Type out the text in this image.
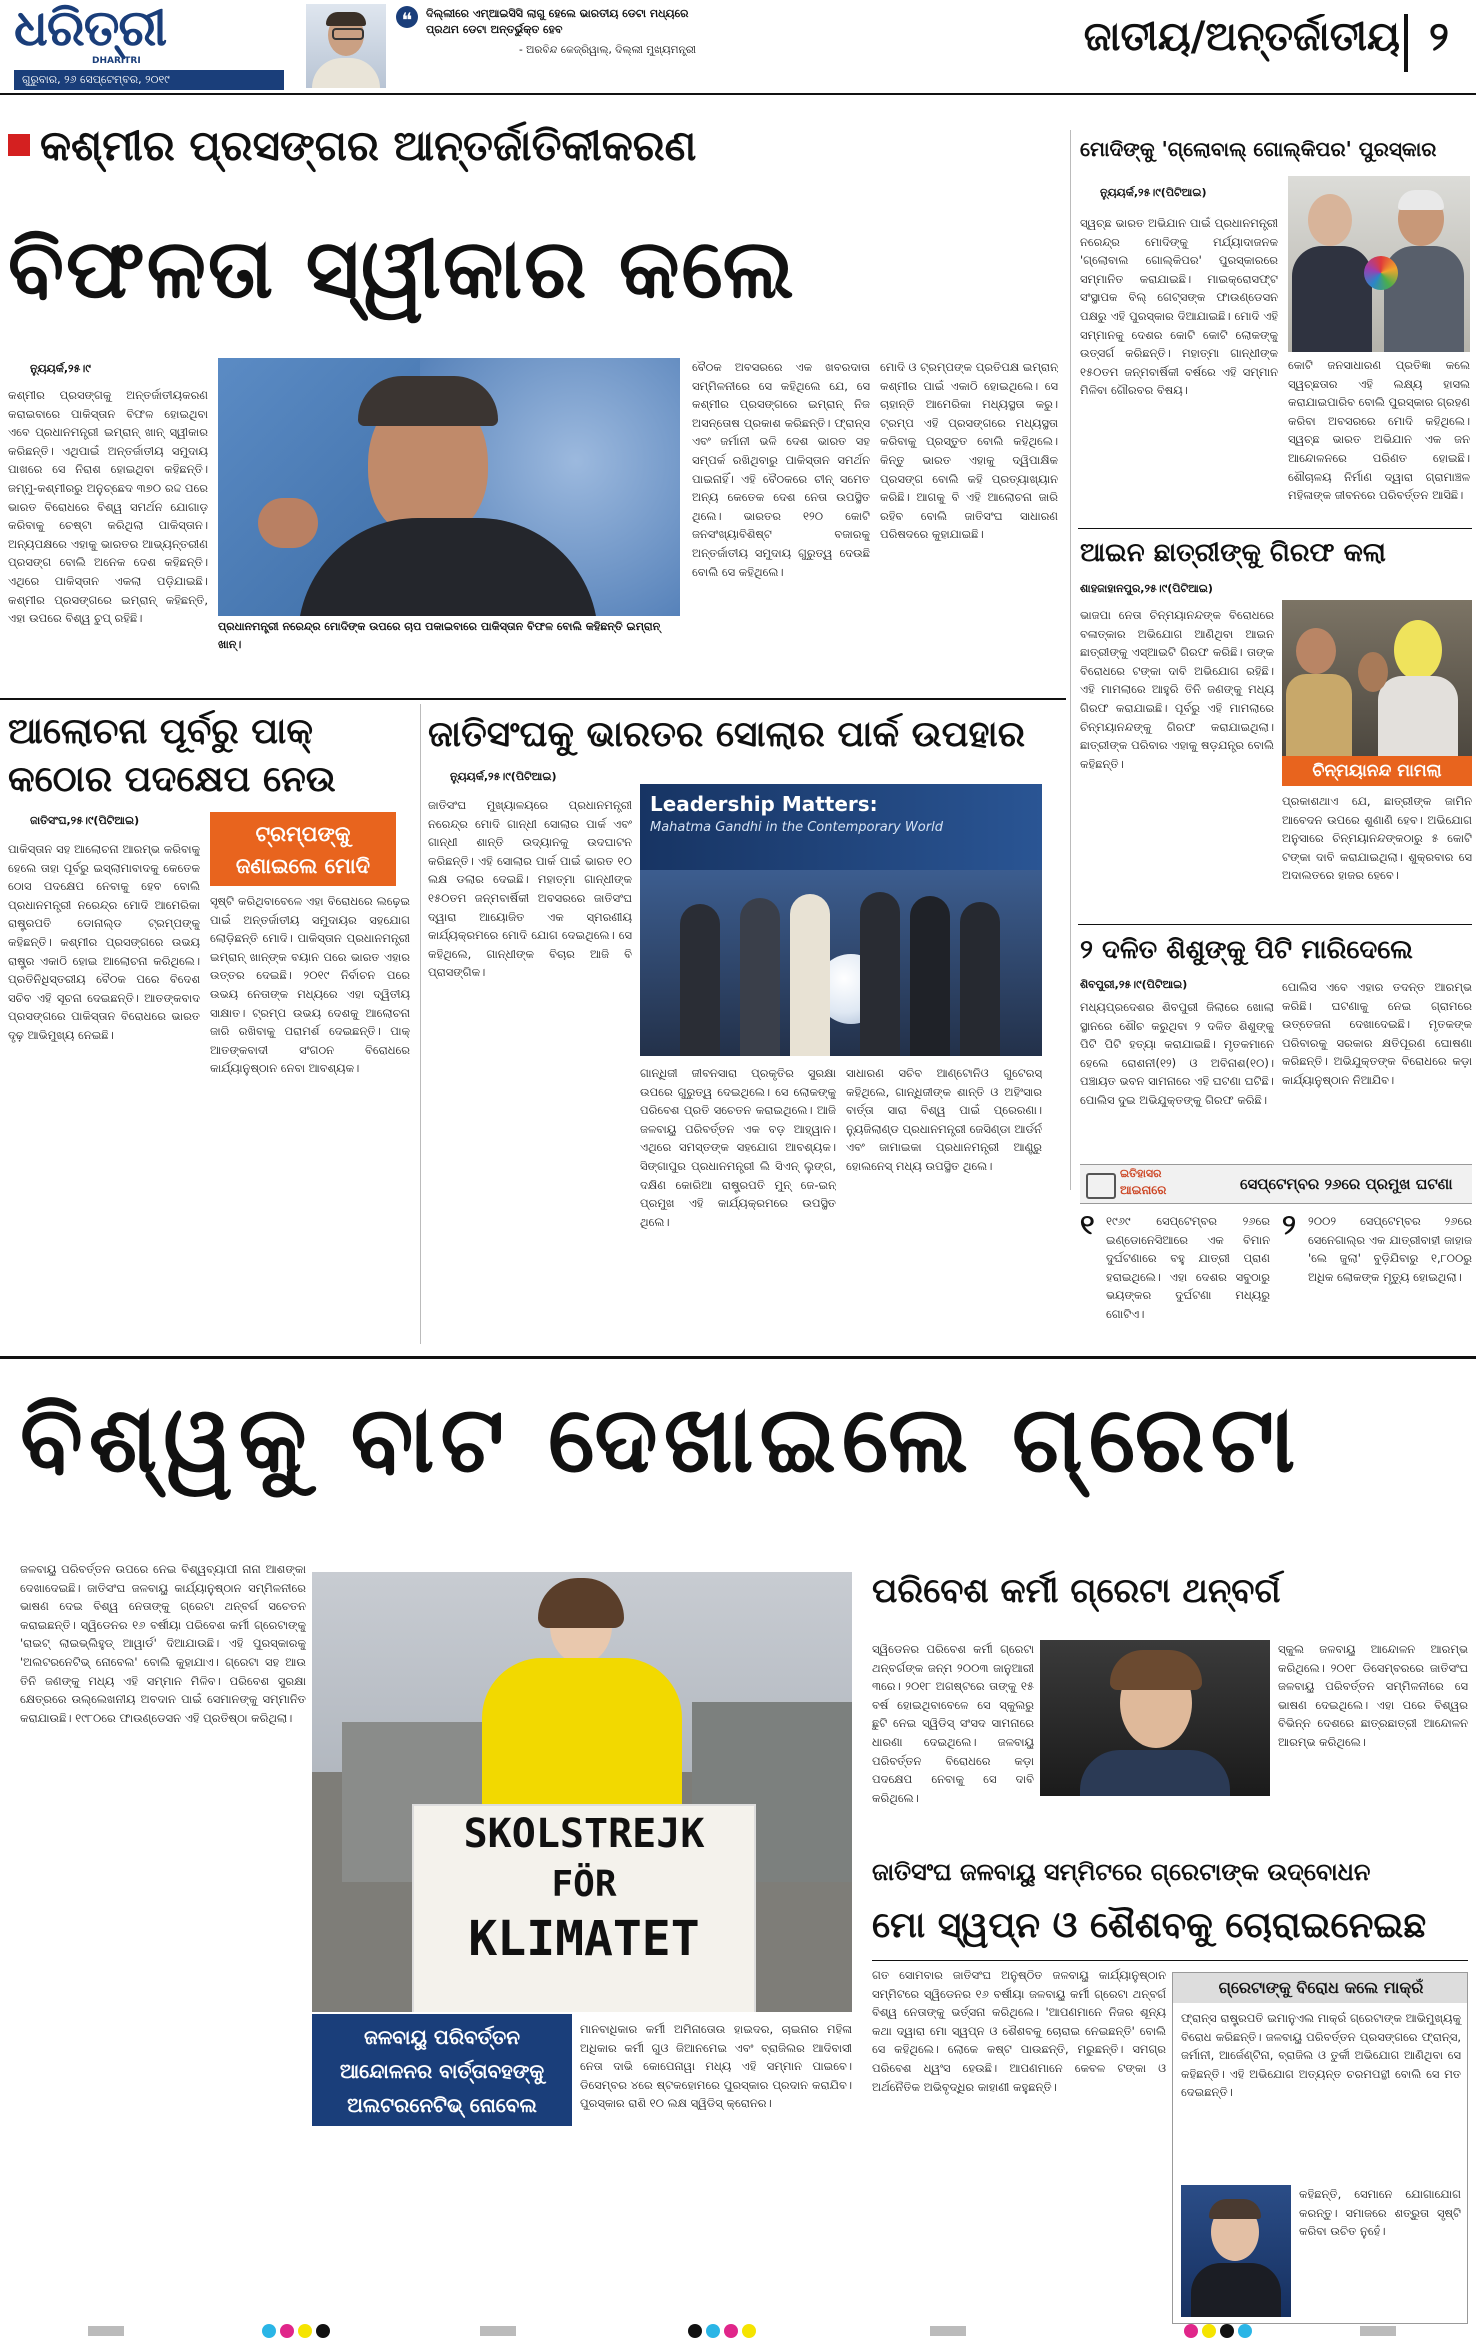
ଧରିତ୍ରୀ
DHARITRI
ଗୁରୁବାର, ୨୬ ସେପ୍ଟେମ୍ବର, ୨୦୧୯
❝	ଦିଲ୍ଲୀରେ ଏମ୍‌ଆଇସିସି ଲାଗୁ ହେଲେ ଭାରତୀୟ ଡେଟା ମଧ୍ୟରେ ପ୍ରଥମ ଡେଟା ଅନ୍ତର୍ଭୁକ୍ତ ହେବ
- ଅରବିନ୍ଦ କେଜ୍ରିୱାଲ୍, ଦିଲ୍ଲୀ ମୁଖ୍ୟମନ୍ତ୍ରୀ	ଜାତୀୟ/ଅନ୍ତର୍ଜାତୀୟ ୨
କଶ୍ମୀର ପ୍ରସଙ୍ଗର ଆନ୍ତର୍ଜାତିକୀକରଣ
ବିଫଳତା ସ୍ୱୀକାର କଲେ
ନ୍ୟୁୟର୍କ,୨୫।୯
କଶ୍ମୀର ପ୍ରସଙ୍ଗକୁ ଅନ୍ତର୍ଜାତୀୟକରଣ କରାଇବାରେ ପାକିସ୍ତାନ ବିଫଳ ହୋଇଥିବା ଏବେ ପ୍ରଧାନମନ୍ତ୍ରୀ ଇମ୍ରାନ୍ ଖାନ୍ ସ୍ୱୀକାର କରିଛନ୍ତି। ଏଥିପାଇଁ ଅନ୍ତର୍ଜାତୀୟ ସମୁଦାୟ ପାଖରେ ସେ ନିରାଶ ହୋଇଥିବା କହିଛନ୍ତି। ଜମ୍ମୁ-କଶ୍ମୀରରୁ ଅନୁଚ୍ଛେଦ ୩୭୦ ରଦ୍ଦ ପରେ ଭାରତ ବିରୋଧରେ ବିଶ୍ୱ ସମର୍ଥନ ଯୋଗାଡ଼ କରିବାକୁ ଚେଷ୍ଟା କରିଥିଲା ପାକିସ୍ତାନ। ଅନ୍ୟପକ୍ଷରେ ଏହାକୁ ଭାରତର ଆଭ୍ୟନ୍ତରୀଣ ପ୍ରସଙ୍ଗ ବୋଲି ଅନେକ ଦେଶ କହିଛନ୍ତି। ଏଥିରେ ପାକିସ୍ତାନ ଏକଲା ପଡ଼ିଯାଇଛି। କଶ୍ମୀର ପ୍ରସଙ୍ଗରେ ଇମ୍ରାନ୍ କହିଛନ୍ତି, ଏହା ଉପରେ ବିଶ୍ୱ ଚୁପ୍ ରହିଛି।
ପ୍ରଧାନମନ୍ତ୍ରୀ ନରେନ୍ଦ୍ର ମୋଦିଙ୍କ ଉପରେ ଚାପ ପକାଇବାରେ ପାକିସ୍ତାନ ବିଫଳ ବୋଲି କହିଛନ୍ତି ଇମ୍ରାନ୍ ଖାନ୍।
ବୈଠକ ଅବସରରେ ଏକ ଖବରଦାତା ସମ୍ମିଳନୀରେ ସେ କହିଥିଲେ ଯେ, ସେ କଶ୍ମୀର ପ୍ରସଙ୍ଗରେ ଇମ୍ରାନ୍ ନିଜ ଅସନ୍ତୋଷ ପ୍ରକାଶ କରିଛନ୍ତି। ଫ୍ରାନ୍ସ ଏବଂ ଜର୍ମାନୀ ଭଳି ଦେଶ ଭାରତ ସହ ସମ୍ପର୍କ ରଖିଥିବାରୁ ପାକିସ୍ତାନ ସମର୍ଥନ ପାଇନାହିଁ। ଏହି ବୈଠକରେ ଚୀନ୍ ସମେତ ଅନ୍ୟ କେତେକ ଦେଶ ନେତା ଉପସ୍ଥିତ ଥିଲେ। ଭାରତର ୧୨୦ କୋଟି ଜନସଂଖ୍ୟାବିଶିଷ୍ଟ ବଜାରକୁ ଅନ୍ତର୍ଜାତୀୟ ସମୁଦାୟ ଗୁରୁତ୍ୱ ଦେଉଛି ବୋଲି ସେ କହିଥିଲେ।
ମୋଦି ଓ ଟ୍ରମ୍ପଙ୍କ ପ୍ରତିପକ୍ଷ ଇମ୍ରାନ୍ କଶ୍ମୀର ପାଇଁ ଏକାଠି ହୋଇଥିଲେ। ସେ ଚାହାନ୍ତି ଆମେରିକା ମଧ୍ୟସ୍ଥତା କରୁ। ଟ୍ରମ୍ପ ଏହି ପ୍ରସଙ୍ଗରେ ମଧ୍ୟସ୍ଥତା କରିବାକୁ ପ୍ରସ୍ତୁତ ବୋଲି କହିଥିଲେ। କିନ୍ତୁ ଭାରତ ଏହାକୁ ଦ୍ୱିପାକ୍ଷିକ ପ୍ରସଙ୍ଗ ବୋଲି କହି ପ୍ରତ୍ୟାଖ୍ୟାନ କରିଛି। ଆଗକୁ ବି ଏହି ଆଲୋଚନା ଜାରି ରହିବ ବୋଲି ଜାତିସଂଘ ସାଧାରଣ ପରିଷଦରେ କୁହାଯାଇଛି।
ଆଲୋଚନା ପୂର୍ବରୁ ପାକ୍
କଠୋର ପଦକ୍ଷେପ ନେଉ
ଜାତିସଂଘ,୨୫।୯(ପିଟିଆଇ)
ଟ୍ରମ୍ପଙ୍କୁ ଜଣାଇଲେ ମୋଦି
ପାକିସ୍ତାନ ସହ ଆଲୋଚନା ଆରମ୍ଭ କରିବାକୁ ହେଲେ ତାହା ପୂର୍ବରୁ ଇସ୍‌ଲାମାବାଦକୁ କେତେକ ଠୋସ ପଦକ୍ଷେପ ନେବାକୁ ହେବ ବୋଲି ପ୍ରଧାନମନ୍ତ୍ରୀ ନରେନ୍ଦ୍ର ମୋଦି ଆମେରିକା ରାଷ୍ଟ୍ରପତି ଡୋନାଲ୍ଡ ଟ୍ରମ୍ପଙ୍କୁ କହିଛନ୍ତି। କଶ୍ମୀର ପ୍ରସଙ୍ଗରେ ଉଭୟ ରାଷ୍ଟ୍ର ଏକାଠି ହୋଇ ଆଲୋଚନା କରିଥିଲେ। ପ୍ରତିନିଧିସ୍ତରୀୟ ବୈଠକ ପରେ ବିଦେଶ ସଚିବ ଏହି ସୂଚନା ଦେଇଛନ୍ତି। ଆତଙ୍କବାଦ ପ୍ରସଙ୍ଗରେ ପାକିସ୍ତାନ ବିରୋଧରେ ଭାରତ ଦୃଢ଼ ଆଭିମୁଖ୍ୟ ନେଇଛି।
ସୃଷ୍ଟି କରିଥିବାବେଳେ ଏହା ବିରୋଧରେ ଲଢ଼େଇ ପାଇଁ ଅନ୍ତର୍ଜାତୀୟ ସମୁଦାୟର ସହଯୋଗ ଲୋଡ଼ିଛନ୍ତି ମୋଦି। ପାକିସ୍ତାନ ପ୍ରଧାନମନ୍ତ୍ରୀ ଇମ୍ରାନ୍ ଖାନ୍‌ଙ୍କ ବୟାନ ପରେ ଭାରତ ଏହାର ଉତ୍ତର ଦେଇଛି। ୨୦୧୯ ନିର୍ବାଚନ ପରେ ଉଭୟ ନେତାଙ୍କ ମଧ୍ୟରେ ଏହା ଦ୍ୱିତୀୟ ସାକ୍ଷାତ। ଟ୍ରମ୍ପ ଉଭୟ ଦେଶକୁ ଆଲୋଚନା ଜାରି ରଖିବାକୁ ପରାମର୍ଶ ଦେଇଛନ୍ତି। ପାକ୍ ଆତଙ୍କବାଦୀ ସଂଗଠନ ବିରୋଧରେ କାର୍ଯ୍ୟାନୁଷ୍ଠାନ ନେବା ଆବଶ୍ୟକ।
ଜାତିସଂଘକୁ ଭାରତର ସୋଲାର ପାର୍କ ଉପହାର
ନ୍ୟୁୟର୍କ,୨୫।୯(ପିଟିଆଇ)
ଜାତିସଂଘ ମୁଖ୍ୟାଳୟରେ ପ୍ରଧାନମନ୍ତ୍ରୀ ନରେନ୍ଦ୍ର ମୋଦି ଗାନ୍ଧୀ ସୋଲାର ପାର୍କ ଏବଂ ଗାନ୍ଧୀ ଶାନ୍ତି ଉଦ୍ୟାନକୁ ଉଦଘାଟନ କରିଛନ୍ତି। ଏହି ସୋଲାର ପାର୍କ ପାଇଁ ଭାରତ ୧୦ ଲକ୍ଷ ଡଲାର ଦେଇଛି। ମହାତ୍ମା ଗାନ୍ଧୀଙ୍କ ୧୫୦ତମ ଜନ୍ମବାର୍ଷିକୀ ଅବସରରେ ଜାତିସଂଘ ଦ୍ୱାରା ଆୟୋଜିତ ଏକ ସ୍ମରଣୀୟ କାର୍ଯ୍ୟକ୍ରମରେ ମୋଦି ଯୋଗ ଦେଇଥିଲେ। ସେ କହିଥିଲେ, ଗାନ୍ଧୀଙ୍କ ବିଚାର ଆଜି ବି ପ୍ରାସଙ୍ଗିକ।
Leadership Matters:
Mahatma Gandhi in the Contemporary World
ଗାନ୍ଧିଜୀ ଜୀବନସାରା ପ୍ରକୃତିର ସୁରକ୍ଷା ଉପରେ ଗୁରୁତ୍ୱ ଦେଇଥିଲେ। ସେ ଲୋକଙ୍କୁ ପରିବେଶ ପ୍ରତି ସଚେତନ କରାଇଥିଲେ। ଆଜି ଜଳବାୟୁ ପରିବର୍ତ୍ତନ ଏକ ବଡ଼ ଆହ୍ୱାନ। ଏଥିରେ ସମସ୍ତଙ୍କ ସହଯୋଗ ଆବଶ୍ୟକ। ସିଙ୍ଗାପୁର ପ୍ରଧାନମନ୍ତ୍ରୀ ଲି ସିଏନ୍ ଲୁଙ୍ଗ, ଦକ୍ଷିଣ କୋରିଆ ରାଷ୍ଟ୍ରପତି ମୁନ୍ ଜେ-ଇନ୍ ପ୍ରମୁଖ ଏହି କାର୍ଯ୍ୟକ୍ରମରେ ଉପସ୍ଥିତ ଥିଲେ।
ସାଧାରଣ ସଚିବ ଆଣ୍ଟୋନିଓ ଗୁଟେରସ୍ କହିଥିଲେ, ଗାନ୍ଧିଜୀଙ୍କ ଶାନ୍ତି ଓ ଅହିଂସାର ବାର୍ତ୍ତା ସାରା ବିଶ୍ୱ ପାଇଁ ପ୍ରେରଣା। ନ୍ୟୁଜିଲାଣ୍ଡ ପ୍ରଧାନମନ୍ତ୍ରୀ ଜେସିଣ୍ଡା ଆର୍ଡର୍ନ ଏବଂ ଜାମାଇକା ପ୍ରଧାନମନ୍ତ୍ରୀ ଆଣ୍ଡ୍ରୁ ହୋଲନେସ୍ ମଧ୍ୟ ଉପସ୍ଥିତ ଥିଲେ।
ମୋଦିଙ୍କୁ 'ଗ୍ଲୋବାଲ୍ ଗୋଲ୍‌କିପର' ପୁରସ୍କାର
ନ୍ୟୁୟର୍କ,୨୫।୯(ପିଟିଆଇ)
ସ୍ୱଚ୍ଛ ଭାରତ ଅଭିଯାନ ପାଇଁ ପ୍ରଧାନମନ୍ତ୍ରୀ ନରେନ୍ଦ୍ର ମୋଦିଙ୍କୁ ମର୍ଯ୍ୟାଦାଜନକ 'ଗ୍ଲୋବାଲ ଗୋଲ୍‌କିପର' ପୁରସ୍କାରରେ ସମ୍ମାନିତ କରାଯାଇଛି। ମାଇକ୍ରୋସଫ୍ଟ ସଂସ୍ଥାପକ ବିଲ୍ ଗେଟ୍ସଙ୍କ ଫାଉଣ୍ଡେସନ ପକ୍ଷରୁ ଏହି ପୁରସ୍କାର ଦିଆଯାଇଛି। ମୋଦି ଏହି ସମ୍ମାନକୁ ଦେଶର କୋଟି କୋଟି ଲୋକଙ୍କୁ ଉତ୍ସର୍ଗ କରିଛନ୍ତି। ମହାତ୍ମା ଗାନ୍ଧୀଙ୍କ ୧୫୦ତମ ଜନ୍ମବାର୍ଷିକୀ ବର୍ଷରେ ଏହି ସମ୍ମାନ ମିଳିବା ଗୌରବର ବିଷୟ।
କୋଟି ଜନସାଧାରଣ ପ୍ରତିଜ୍ଞା କଲେ ସ୍ୱଚ୍ଛତାର ଏହି ଲକ୍ଷ୍ୟ ହାସଲ କରାଯାଇପାରିବ ବୋଲି ପୁରସ୍କାର ଗ୍ରହଣ କରିବା ଅବସରରେ ମୋଦି କହିଥିଲେ। ସ୍ୱଚ୍ଛ ଭାରତ ଅଭିଯାନ ଏକ ଜନ ଆନ୍ଦୋଳନରେ ପରିଣତ ହୋଇଛି। ଶୌଚାଳୟ ନିର୍ମାଣ ଦ୍ୱାରା ଗ୍ରାମାଞ୍ଚଳ ମହିଳାଙ୍କ ଜୀବନରେ ପରିବର୍ତ୍ତନ ଆସିଛି।
ଆଇନ ଛାତ୍ରୀଙ୍କୁ ଗିରଫ କଲା
ଶାହଜାହାନପୁର,୨୫।୯(ପିଟିଆଇ)
ଚିନ୍ମୟାନନ୍ଦ ମାମଲା
ଭାଜପା ନେତା ଚିନ୍ମୟାନନ୍ଦଙ୍କ ବିରୋଧରେ ବଳାତ୍କାର ଅଭିଯୋଗ ଆଣିଥିବା ଆଇନ ଛାତ୍ରୀଙ୍କୁ ଏସ୍‌ଆଇଟି ଗିରଫ କରିଛି। ତାଙ୍କ ବିରୋଧରେ ଟଙ୍କା ଦାବି ଅଭିଯୋଗ ରହିଛି। ଏହି ମାମଲାରେ ଆହୁରି ତିନି ଜଣଙ୍କୁ ମଧ୍ୟ ଗିରଫ କରାଯାଇଛି। ପୂର୍ବରୁ ଏହି ମାମଲାରେ ଚିନ୍ମୟାନନ୍ଦଙ୍କୁ ଗିରଫ କରାଯାଇଥିଲା। ଛାତ୍ରୀଙ୍କ ପରିବାର ଏହାକୁ ଷଡ଼ଯନ୍ତ୍ର ବୋଲି କହିଛନ୍ତି।
ପ୍ରକାଶଥାଏ ଯେ, ଛାତ୍ରୀଙ୍କ ଜାମିନ ଆବେଦନ ଉପରେ ଶୁଣାଣି ହେବ। ଅଭିଯୋଗ ଅନୁସାରେ ଚିନ୍ମୟାନନ୍ଦଙ୍କଠାରୁ ୫ କୋଟି ଟଙ୍କା ଦାବି କରାଯାଇଥିଲା। ଶୁକ୍ରବାର ସେ ଅଦାଲତରେ ହାଜର ହେବେ।
୨ ଦଳିତ ଶିଶୁଙ୍କୁ ପିଟି ମାରିଦେଲେ
ଶିବପୁରୀ,୨୫।୯(ପିଟିଆଇ)
ମଧ୍ୟପ୍ରଦେଶର ଶିବପୁରୀ ଜିଲାରେ ଖୋଲା ସ୍ଥାନରେ ଶୌଚ କରୁଥିବା ୨ ଦଳିତ ଶିଶୁଙ୍କୁ ପିଟି ପିଟି ହତ୍ୟା କରାଯାଇଛି। ମୃତକମାନେ ହେଲେ ରୋଶନୀ(୧୨) ଓ ଅବିନାଶ(୧୦)। ପଞ୍ଚାୟତ ଭବନ ସାମନାରେ ଏହି ଘଟଣା ଘଟିଛି। ପୋଲିସ ଦୁଇ ଅଭିଯୁକ୍ତଙ୍କୁ ଗିରଫ କରିଛି।
ପୋଲିସ ଏବେ ଏହାର ତଦନ୍ତ ଆରମ୍ଭ କରିଛି। ଘଟଣାକୁ ନେଇ ଗ୍ରାମରେ ଉତ୍ତେଜନା ଦେଖାଦେଇଛି। ମୃତକଙ୍କ ପରିବାରକୁ ସରକାର କ୍ଷତିପୂରଣ ଘୋଷଣା କରିଛନ୍ତି। ଅଭିଯୁକ୍ତଙ୍କ ବିରୋଧରେ କଡ଼ା କାର୍ଯ୍ୟାନୁଷ୍ଠାନ ନିଆଯିବ।
ଇତିହାସର
ଆଇନାରେ	ସେପ୍ଟେମ୍ବର ୨୬ରେ ପ୍ରମୁଖ ଘଟଣା
୧ ୧୯୬୯ ସେପ୍ଟେମ୍ବର ୨୬ରେ ଇଣ୍ଡୋନେସିଆରେ ଏକ ବିମାନ ଦୁର୍ଘଟଣାରେ ବହୁ ଯାତ୍ରୀ ପ୍ରାଣ ହରାଇଥିଲେ। ଏହା ଦେଶର ସବୁଠାରୁ ଭୟଙ୍କର ଦୁର୍ଘଟଣା ମଧ୍ୟରୁ ଗୋଟିଏ।
୨ ୨୦୦୨ ସେପ୍ଟେମ୍ବର ୨୬ରେ ସେନେଗାଲ୍‌ର ଏକ ଯାତ୍ରୀବାହୀ ଜାହାଜ 'ଲେ ଜୁଲା' ବୁଡ଼ିଯିବାରୁ ୧,୮୦୦ରୁ ଅଧିକ ଲୋକଙ୍କ ମୃତ୍ୟୁ ହୋଇଥିଲା।
ବିଶ୍ୱକୁ ବାଟ ଦେଖାଇଲେ ଗ୍ରେଟା
ଜଳବାୟୁ ପରିବର୍ତ୍ତନ ଉପରେ ନେଇ ବିଶ୍ୱବ୍ୟାପୀ ନାନା ଆଶଙ୍କା ଦେଖାଦେଇଛି। ଜାତିସଂଘ ଜଳବାୟୁ କାର୍ଯ୍ୟାନୁଷ୍ଠାନ ସମ୍ମିଳନୀରେ ଭାଷଣ ଦେଇ ବିଶ୍ୱ ନେତାଙ୍କୁ ଗ୍ରେଟା ଥନ୍‌ବର୍ଗ ସଚେତନ କରାଇଛନ୍ତି। ସ୍ୱିଡେନର ୧୬ ବର୍ଷୀୟା ପରିବେଶ କର୍ମୀ ଗ୍ରେଟାଙ୍କୁ 'ରାଇଟ୍ ଲାଇଭ୍ଲିହୁଡ୍ ଆୱାର୍ଡ' ଦିଆଯାଉଛି। ଏହି ପୁରସ୍କାରକୁ 'ଅଲଟରନେଟିଭ୍ ନୋବେଲ' ବୋଲି କୁହାଯାଏ। ଗ୍ରେଟା ସହ ଆଉ ତିନି ଜଣଙ୍କୁ ମଧ୍ୟ ଏହି ସମ୍ମାନ ମିଳିବ। ପରିବେଶ ସୁରକ୍ଷା କ୍ଷେତ୍ରରେ ଉଲ୍ଲେଖନୀୟ ଅବଦାନ ପାଇଁ ସେମାନଙ୍କୁ ସମ୍ମାନିତ କରାଯାଉଛି। ୧୯୮୦ରେ ଫାଉଣ୍ଡେସନ ଏହି ପ୍ରତିଷ୍ଠା କରିଥିଲା।
SKOLSTREJK
FÖR
KLIMATET
ଜଳବାୟୁ ପରିବର୍ତ୍ତନ ଆନ୍ଦୋଳନର ବାର୍ତ୍ତାବହଙ୍କୁ ଅଲଟରନେଟିଭ୍ ନୋବେଲ
ମାନବାଧିକାର କର୍ମୀ ଅମିନାତୋଉ ହାଇଦର, ଚାଇନାର ମହିଳା ଅଧିକାର କର୍ମୀ ଗୁଓ ଜିଆନମେଇ ଏବଂ ବ୍ରାଜିଲର ଆଦିବାସୀ ନେତା ଦାଭି କୋପେନାୱା ମଧ୍ୟ ଏହି ସମ୍ମାନ ପାଇବେ। ଡିସେମ୍ବର ୪ରେ ଷ୍ଟକହୋମରେ ପୁରସ୍କାର ପ୍ରଦାନ କରାଯିବ। ପୁରସ୍କାର ରାଶି ୧୦ ଲକ୍ଷ ସ୍ୱିଡିସ୍ କ୍ରୋନର।
ପରିବେଶ କର୍ମୀ ଗ୍ରେଟା ଥନ୍‌ବର୍ଗ
ସ୍ୱିଡେନର ପରିବେଶ କର୍ମୀ ଗ୍ରେଟା ଥନ୍‌ବର୍ଗଙ୍କ ଜନ୍ମ ୨୦୦୩ ଜାନୁଆରୀ ୩ରେ। ୨୦୧୮ ଅଗଷ୍ଟରେ ତାଙ୍କୁ ୧୫ ବର୍ଷ ହୋଇଥିବାବେଳେ ସେ ସ୍କୁଲରୁ ଛୁଟି ନେଇ ସ୍ୱିଡିସ୍ ସଂସଦ ସାମନାରେ ଧାରଣା ଦେଇଥିଲେ। ଜଳବାୟୁ ପରିବର୍ତ୍ତନ ବିରୋଧରେ କଡ଼ା ପଦକ୍ଷେପ ନେବାକୁ ସେ ଦାବି କରିଥିଲେ।
ସ୍କୁଲ ଜଳବାୟୁ ଆନ୍ଦୋଳନ ଆରମ୍ଭ କରିଥିଲେ। ୨୦୧୮ ଡିସେମ୍ବରରେ ଜାତିସଂଘ ଜଳବାୟୁ ପରିବର୍ତ୍ତନ ସମ୍ମିଳନୀରେ ସେ ଭାଷଣ ଦେଇଥିଲେ। ଏହା ପରେ ବିଶ୍ୱର ବିଭିନ୍ନ ଦେଶରେ ଛାତ୍ରଛାତ୍ରୀ ଆନ୍ଦୋଳନ ଆରମ୍ଭ କରିଥିଲେ।
ଜାତିସଂଘ ଜଳବାୟୁ ସମ୍ମିଟରେ ଗ୍ରେଟାଙ୍କ ଉଦ୍‌ବୋଧନ
ମୋ ସ୍ୱପ୍ନ ଓ ଶୈଶବକୁ ଚୋରାଇନେଇଛ
ଗତ ସୋମବାର ଜାତିସଂଘ ଅନୁଷ୍ଠିତ ଜଳବାୟୁ କାର୍ଯ୍ୟାନୁଷ୍ଠାନ ସମ୍ମିଟରେ ସ୍ୱିଡେନର ୧୬ ବର୍ଷୀୟା ଜଳବାୟୁ କର୍ମୀ ଗ୍ରେଟା ଥନ୍‌ବର୍ଗ ବିଶ୍ୱ ନେତାଙ୍କୁ ଭର୍ତ୍ସନା କରିଥିଲେ। 'ଆପଣମାନେ ନିଜର ଶୂନ୍ୟ କଥା ଦ୍ୱାରା ମୋ ସ୍ୱପ୍ନ ଓ ଶୈଶବକୁ ଚୋରାଇ ନେଇଛନ୍ତି' ବୋଲି ସେ କହିଥିଲେ। ଲୋକେ କଷ୍ଟ ପାଉଛନ୍ତି, ମରୁଛନ୍ତି। ସମଗ୍ର ପରିବେଶ ଧ୍ୱଂସ ହେଉଛି। ଆପଣମାନେ କେବଳ ଟଙ୍କା ଓ ଅର୍ଥନୈତିକ ଅଭିବୃଦ୍ଧିର କାହାଣୀ କହୁଛନ୍ତି।
ଗ୍ରେଟାଙ୍କୁ ବିରୋଧ କଲେ ମାକ୍ରଁ
ଫ୍ରାନ୍ସ ରାଷ୍ଟ୍ରପତି ଇମାନୁଏଲ ମାକ୍ରଁ ଗ୍ରେଟାଙ୍କ ଆଭିମୁଖ୍ୟକୁ ବିରୋଧ କରିଛନ୍ତି। ଜଳବାୟୁ ପରିବର୍ତ୍ତନ ପ୍ରସଙ୍ଗରେ ଫ୍ରାନ୍ସ, ଜର୍ମାନୀ, ଆର୍ଜେଣ୍ଟିନା, ବ୍ରାଜିଲ ଓ ତୁର୍କୀ ଅଭିଯୋଗ ଆଣିଥିବା ସେ କହିଛନ୍ତି। ଏହି ଅଭିଯୋଗ ଅତ୍ୟନ୍ତ ଚରମପନ୍ଥୀ ବୋଲି ସେ ମତ ଦେଇଛନ୍ତି।
କହିଛନ୍ତି, ସେମାନେ ଯୋଗାଯୋଗ କରନ୍ତୁ। ସମାଜରେ ଶତ୍ରୁତା ସୃଷ୍ଟି କରିବା ଉଚିତ ନୁହେଁ।
